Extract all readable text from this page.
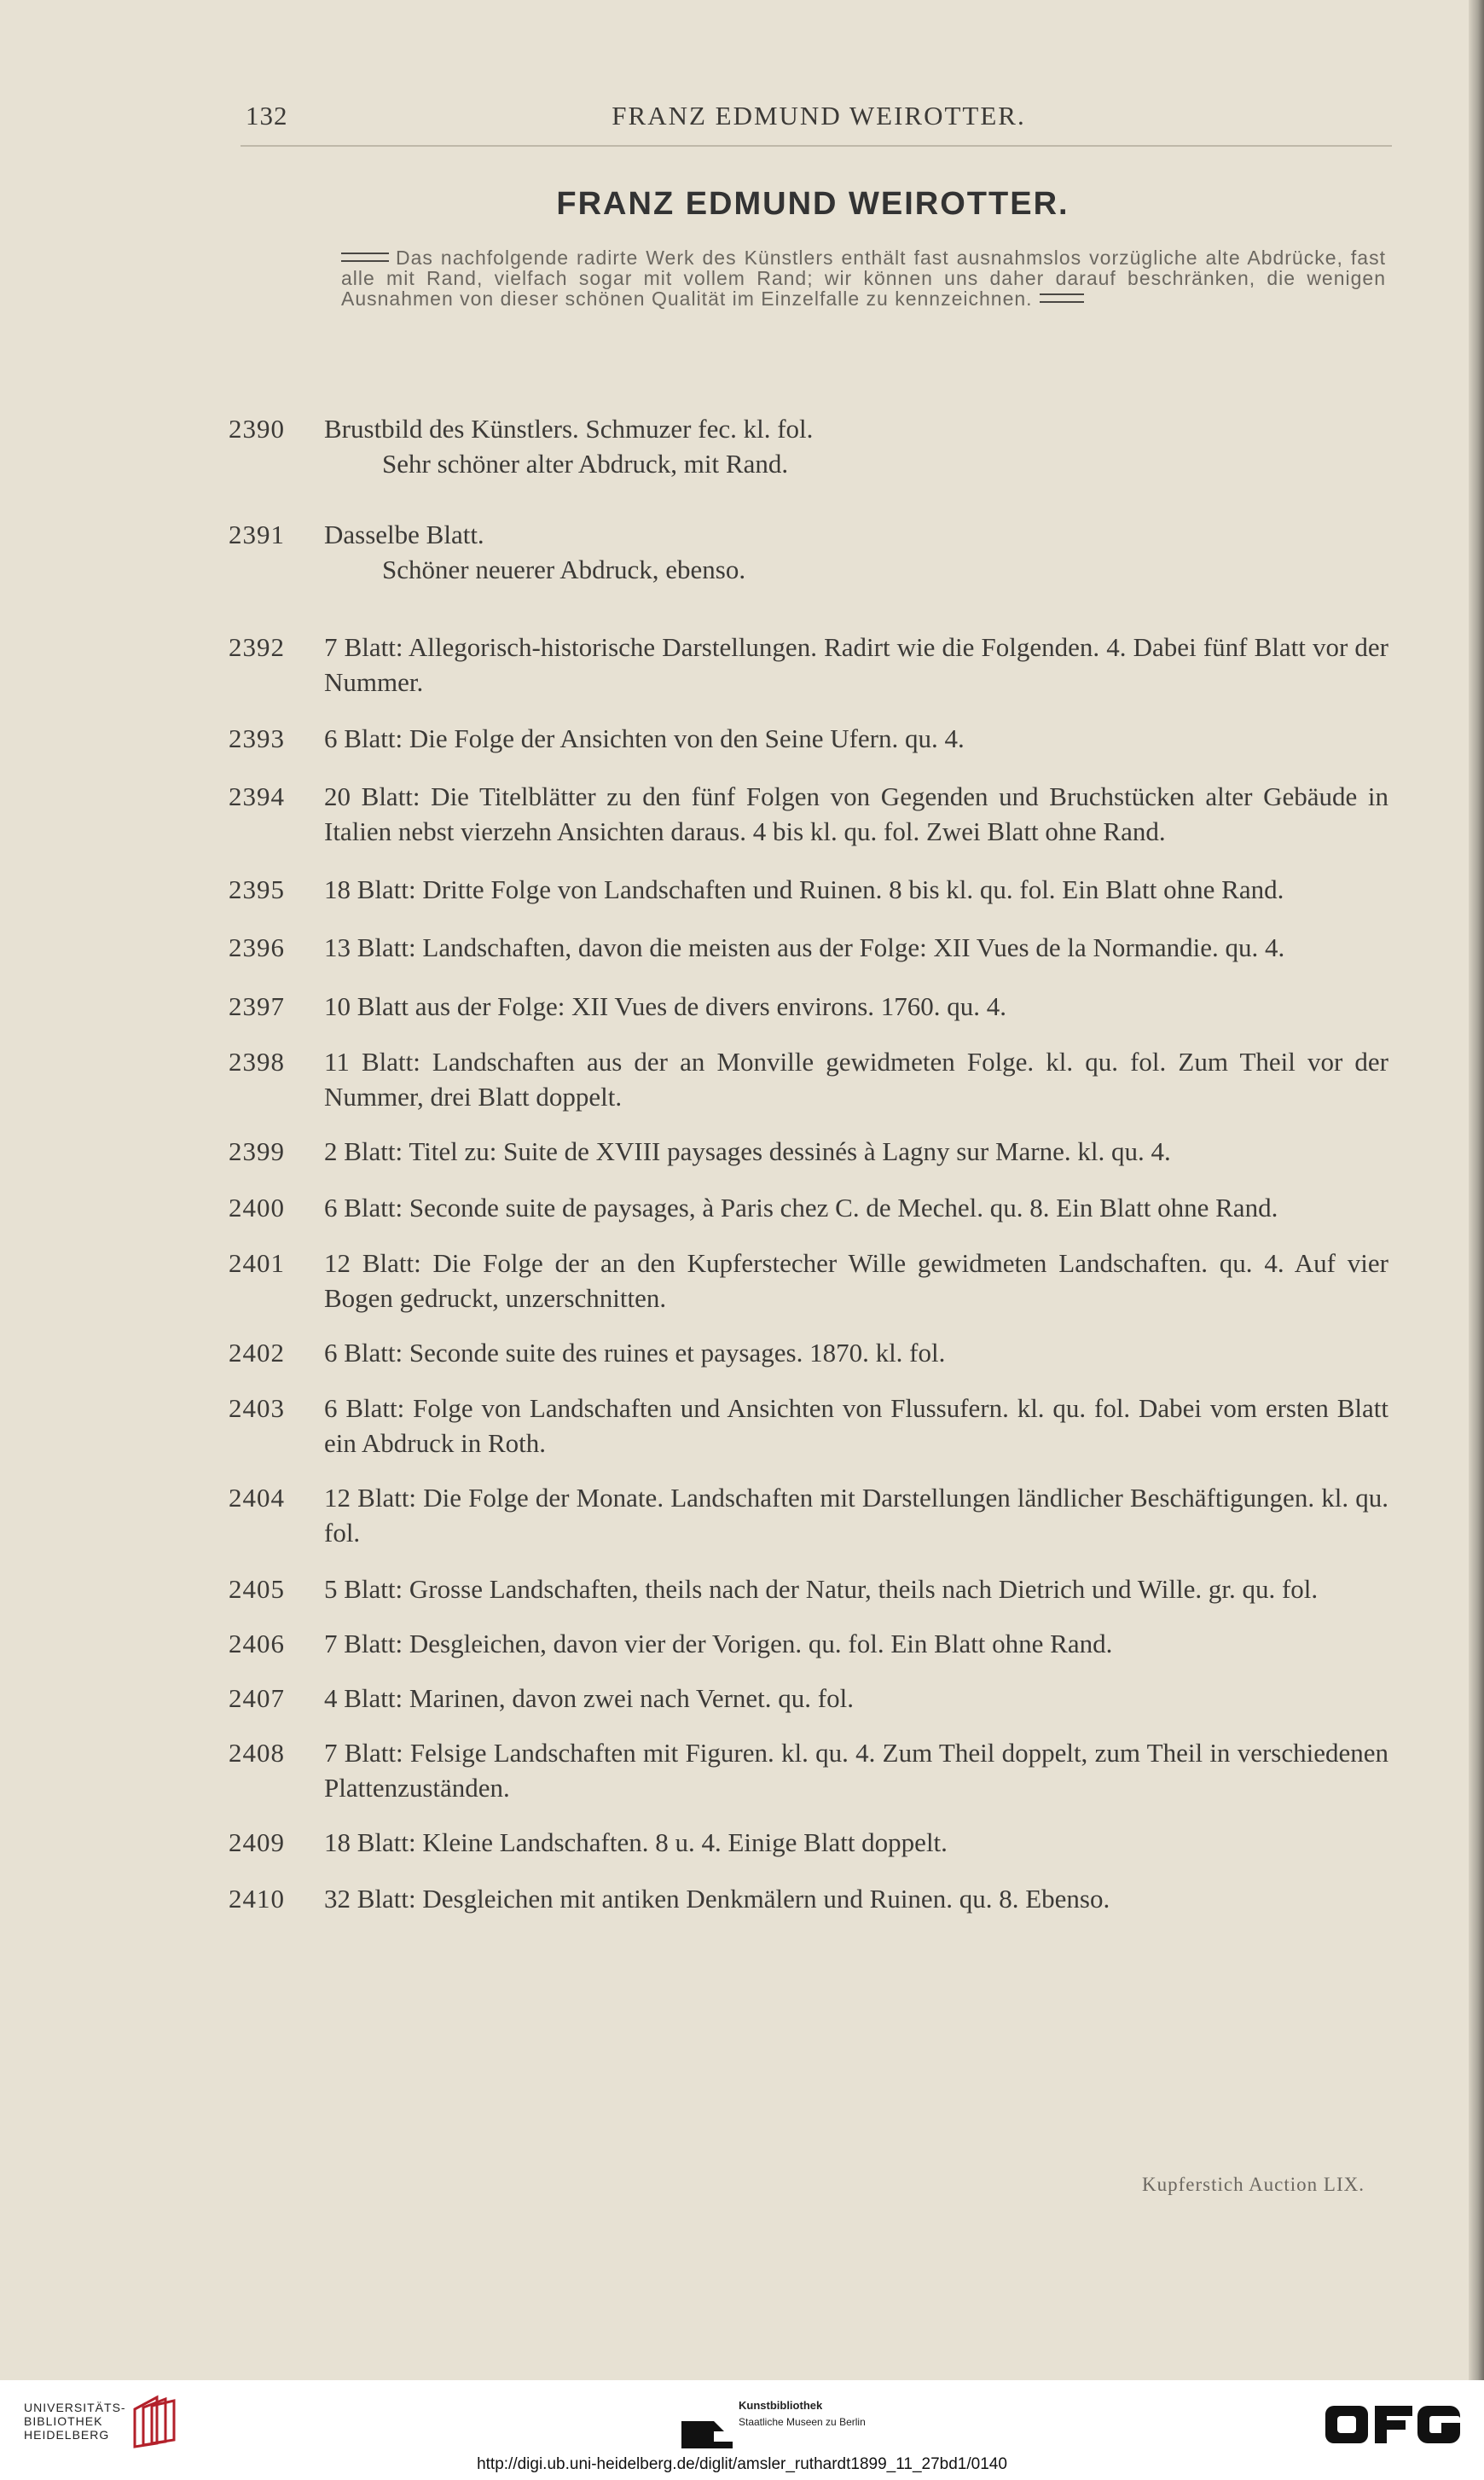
132	FRANZ EDMUND WEIROTTER.
FRANZ EDMUND WEIROTTER.
Das nachfolgende radirte Werk des Künstlers enthält fast ausnahmslos vorzügliche alte Abdrücke, fast alle mit Rand, vielfach sogar mit vollem Rand; wir können uns daher darauf beschränken, die wenigen Ausnahmen von dieser schönen Qualität im Einzelfalle zu kennzeichnen.
2390	Brustbild des Künstlers. Schmuzer fec. kl. fol.
Sehr schöner alter Abdruck, mit Rand.
2391	Dasselbe Blatt.
Schöner neuerer Abdruck, ebenso.
2392	7 Blatt: Allegorisch-historische Darstellungen. Radirt wie die Folgenden. 4. Dabei fünf Blatt vor der Nummer.
2393	6 Blatt: Die Folge der Ansichten von den Seine Ufern. qu. 4.
2394	20 Blatt: Die Titelblätter zu den fünf Folgen von Gegenden und Bruchstücken alter Gebäude in Italien nebst vierzehn Ansichten daraus. 4 bis kl. qu. fol. Zwei Blatt ohne Rand.
2395	18 Blatt: Dritte Folge von Landschaften und Ruinen. 8 bis kl. qu. fol. Ein Blatt ohne Rand.
2396	13 Blatt: Landschaften, davon die meisten aus der Folge: XII Vues de la Normandie. qu. 4.
2397	10 Blatt aus der Folge: XII Vues de divers environs. 1760. qu. 4.
2398	11 Blatt: Landschaften aus der an Monville gewidmeten Folge. kl. qu. fol. Zum Theil vor der Nummer, drei Blatt doppelt.
2399	2 Blatt: Titel zu: Suite de XVIII paysages dessinés à Lagny sur Marne. kl. qu. 4.
2400	6 Blatt: Seconde suite de paysages, à Paris chez C. de Mechel. qu. 8. Ein Blatt ohne Rand.
2401	12 Blatt: Die Folge der an den Kupferstecher Wille gewidmeten Landschaften. qu. 4. Auf vier Bogen gedruckt, unzerschnitten.
2402	6 Blatt: Seconde suite des ruines et paysages. 1870. kl. fol.
2403	6 Blatt: Folge von Landschaften und Ansichten von Flussufern. kl. qu. fol. Dabei vom ersten Blatt ein Abdruck in Roth.
2404	12 Blatt: Die Folge der Monate. Landschaften mit Darstellungen ländlicher Beschäftigungen. kl. qu. fol.
2405	5 Blatt: Grosse Landschaften, theils nach der Natur, theils nach Dietrich und Wille. gr. qu. fol.
2406	7 Blatt: Desgleichen, davon vier der Vorigen. qu. fol. Ein Blatt ohne Rand.
2407	4 Blatt: Marinen, davon zwei nach Vernet. qu. fol.
2408	7 Blatt: Felsige Landschaften mit Figuren. kl. qu. 4. Zum Theil doppelt, zum Theil in verschiedenen Plattenzuständen.
2409	18 Blatt: Kleine Landschaften. 8 u. 4. Einige Blatt doppelt.
2410	32 Blatt: Desgleichen mit antiken Denkmälern und Ruinen. qu. 8. Ebenso.
Kupferstich Auction LIX.
UNIVERSITÄTS-
BIBLIOTHEK
HEIDELBERG
Kunstbibliothek
Staatliche Museen zu Berlin
http://digi.ub.uni-heidelberg.de/diglit/amsler_ruthardt1899_11_27bd1/0140
